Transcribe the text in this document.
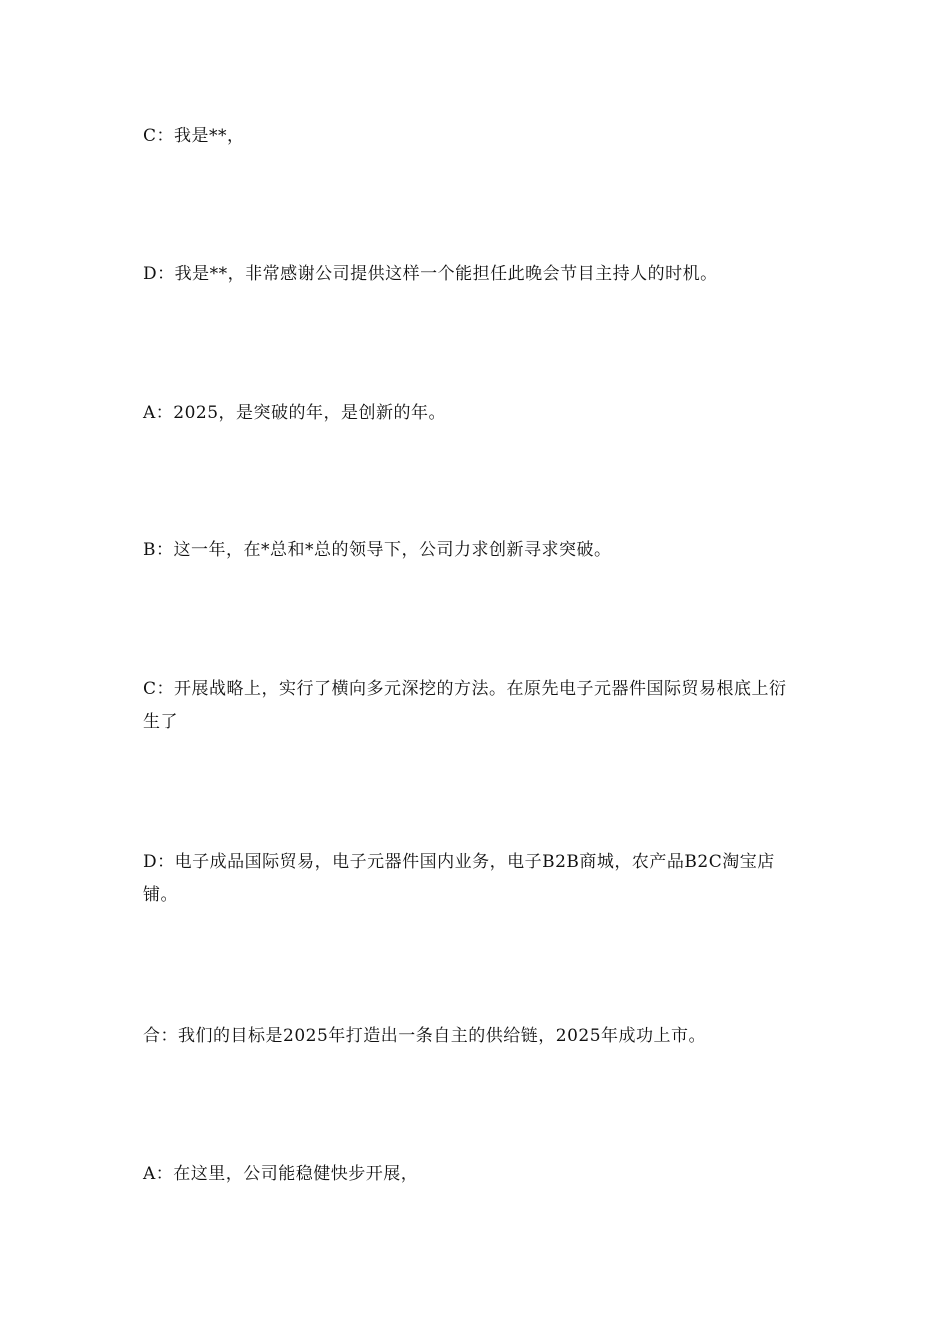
C：我是**，

D：我是**，非常感谢公司提供这样一个能担任此晚会节目主持人的时机。

A：2025，是突破的年，是创新的年。

B：这一年，在*总和*总的领导下，公司力求创新寻求突破。

C：开展战略上，实行了横向多元深挖的方法。在原先电子元器件国际贸易根底上衍生了

D：电子成品国际贸易，电子元器件国内业务，电子B2B商城，农产品B2C淘宝店铺。

合：我们的目标是2025年打造出一条自主的供给链，2025年成功上市。

A：在这里，公司能稳健快步开展，
